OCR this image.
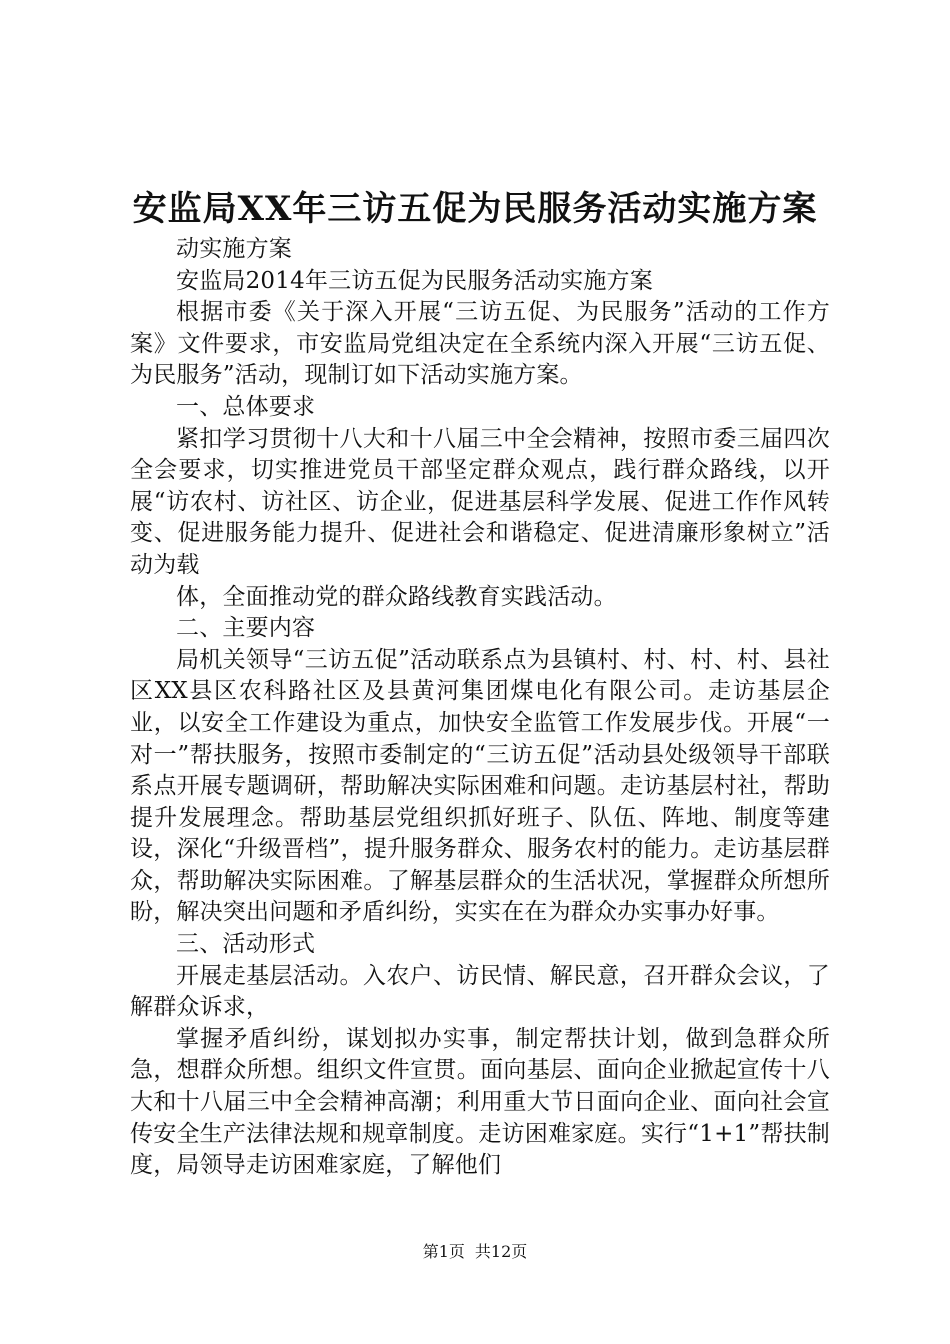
安监局XX年三访五促为民服务活动实施方案

动实施方案

安监局2014年三访五促为民服务活动实施方案

根据市委《关于深入开展“三访五促、为民服务”活动的工作方案》文件要求，市安监局党组决定在全系统内深入开展“三访五促、为民服务”活动，现制订如下活动实施方案。

一、总体要求

紧扣学习贯彻十八大和十八届三中全会精神，按照市委三届四次全会要求，切实推进党员干部坚定群众观点，践行群众路线，以开展“访农村、访社区、访企业，促进基层科学发展、促进工作作风转变、促进服务能力提升、促进社会和谐稳定、促进清廉形象树立”活动为载

体，全面推动党的群众路线教育实践活动。

二、主要内容

局机关领导“三访五促”活动联系点为县镇村、村、村、村、县社区XX县区农科路社区及县黄河集团煤电化有限公司。走访基层企业，以安全工作建设为重点，加快安全监管工作发展步伐。开展“一对一”帮扶服务，按照市委制定的“三访五促”活动县处级领导干部联系点开展专题调研，帮助解决实际困难和问题。走访基层村社，帮助提升发展理念。帮助基层党组织抓好班子、队伍、阵地、制度等建设，深化“升级晋档”，提升服务群众、服务农村的能力。走访基层群众，帮助解决实际困难。了解基层群众的生活状况，掌握群众所想所盼，解决突出问题和矛盾纠纷，实实在在为群众办实事办好事。

三、活动形式

开展走基层活动。入农户、访民情、解民意，召开群众会议，了解群众诉求，

掌握矛盾纠纷，谋划拟办实事，制定帮扶计划，做到急群众所急，想群众所想。组织文件宣贯。面向基层、面向企业掀起宣传十八大和十八届三中全会精神高潮；利用重大节日面向企业、面向社会宣传安全生产法律法规和规章制度。走访困难家庭。实行“1+1”帮扶制度，局领导走访困难家庭，了解他们

第1页 共12页
